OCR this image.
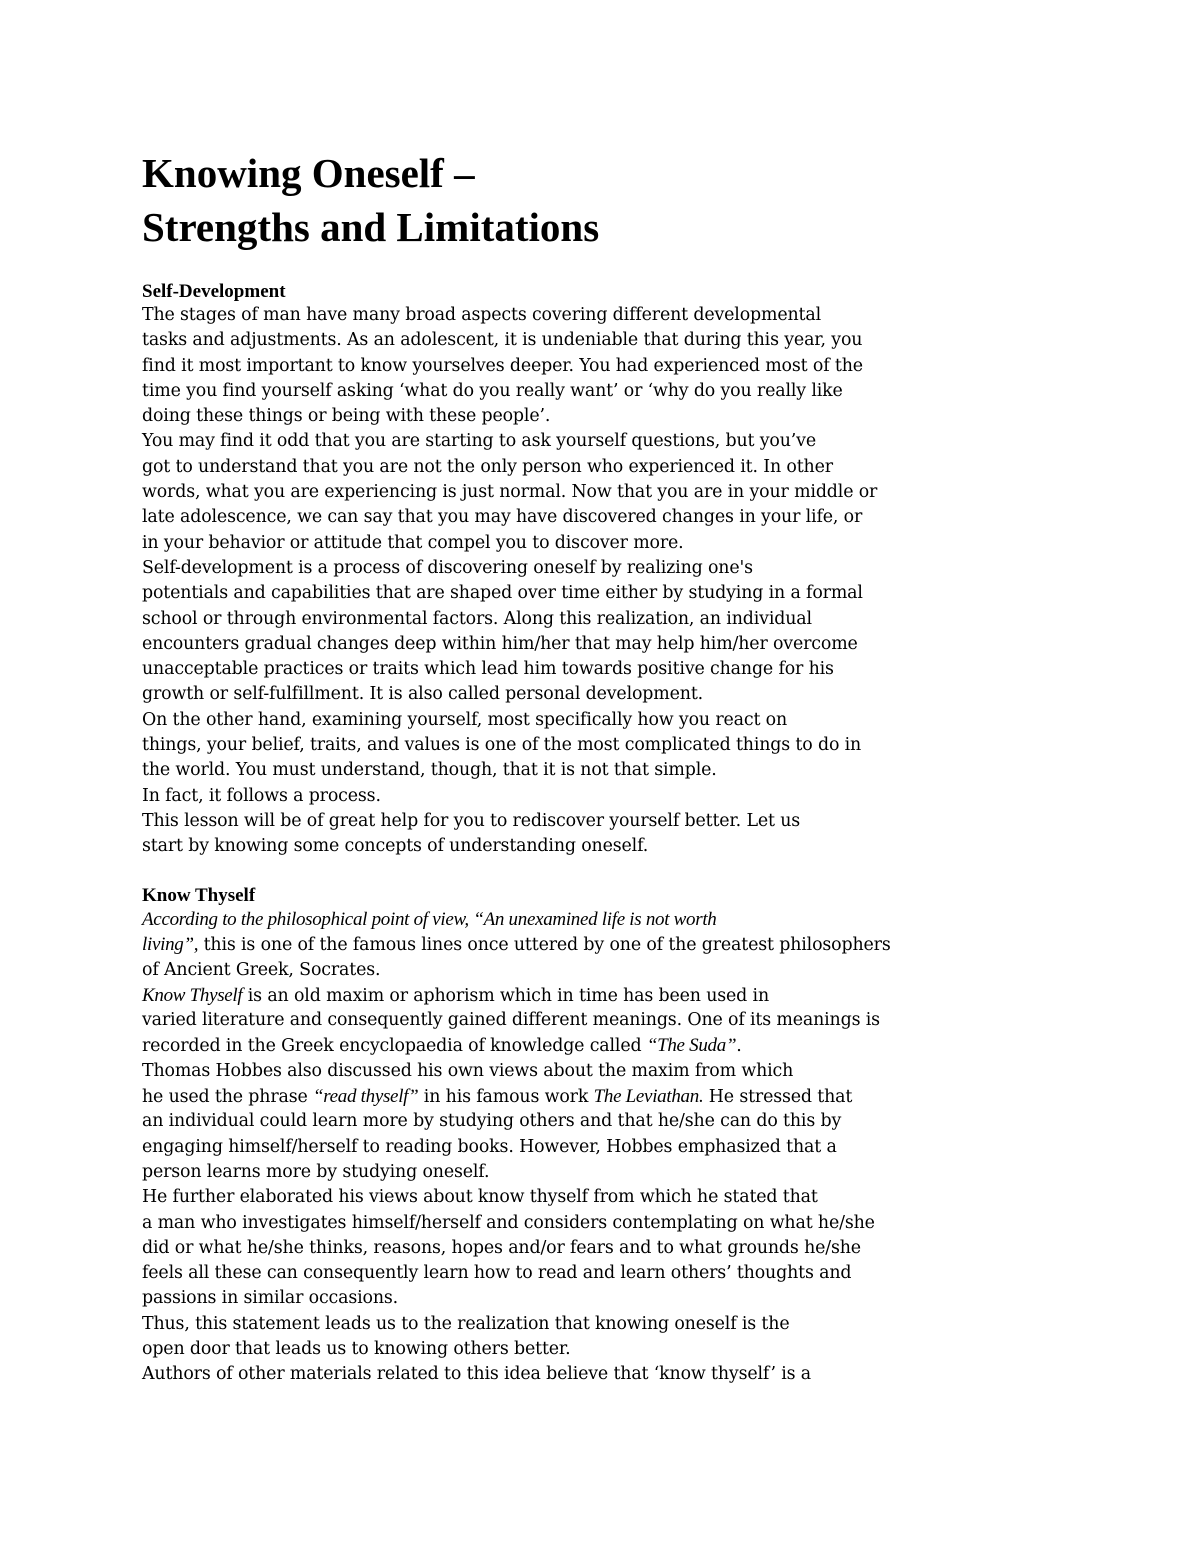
Knowing Oneself –
Strengths and Limitations
Self-Development
The stages of man have many broad aspects covering different developmental
tasks and adjustments. As an adolescent, it is undeniable that during this year, you
find it most important to know yourselves deeper. You had experienced most of the
time you find yourself asking ‘what do you really want’ or ‘why do you really like
doing these things or being with these people’.
You may find it odd that you are starting to ask yourself questions, but you’ve
got to understand that you are not the only person who experienced it. In other
words, what you are experiencing is just normal. Now that you are in your middle or
late adolescence, we can say that you may have discovered changes in your life, or
in your behavior or attitude that compel you to discover more.
Self-development is a process of discovering oneself by realizing one's
potentials and capabilities that are shaped over time either by studying in a formal
school or through environmental factors. Along this realization, an individual
encounters gradual changes deep within him/her that may help him/her overcome
unacceptable practices or traits which lead him towards positive change for his
growth or self-fulfillment. It is also called personal development.
On the other hand, examining yourself, most specifically how you react on
things, your belief, traits, and values is one of the most complicated things to do in
the world. You must understand, though, that it is not that simple.
In fact, it follows a process.
This lesson will be of great help for you to rediscover yourself better. Let us
start by knowing some concepts of understanding oneself.
Know Thyself
According to the philosophical point of view, “An unexamined life is not worth
living”, this is one of the famous lines once uttered by one of the greatest philosophers
of Ancient Greek, Socrates.
Know Thyself is an old maxim or aphorism which in time has been used in
varied literature and consequently gained different meanings. One of its meanings is
recorded in the Greek encyclopaedia of knowledge called “The Suda”.
Thomas Hobbes also discussed his own views about the maxim from which
he used the phrase “read thyself” in his famous work The Leviathan. He stressed that
an individual could learn more by studying others and that he/she can do this by
engaging himself/herself to reading books. However, Hobbes emphasized that a
person learns more by studying oneself.
He further elaborated his views about know thyself from which he stated that
a man who investigates himself/herself and considers contemplating on what he/she
did or what he/she thinks, reasons, hopes and/or fears and to what grounds he/she
feels all these can consequently learn how to read and learn others’ thoughts and
passions in similar occasions.
Thus, this statement leads us to the realization that knowing oneself is the
open door that leads us to knowing others better.
Authors of other materials related to this idea believe that ‘know thyself’ is a
